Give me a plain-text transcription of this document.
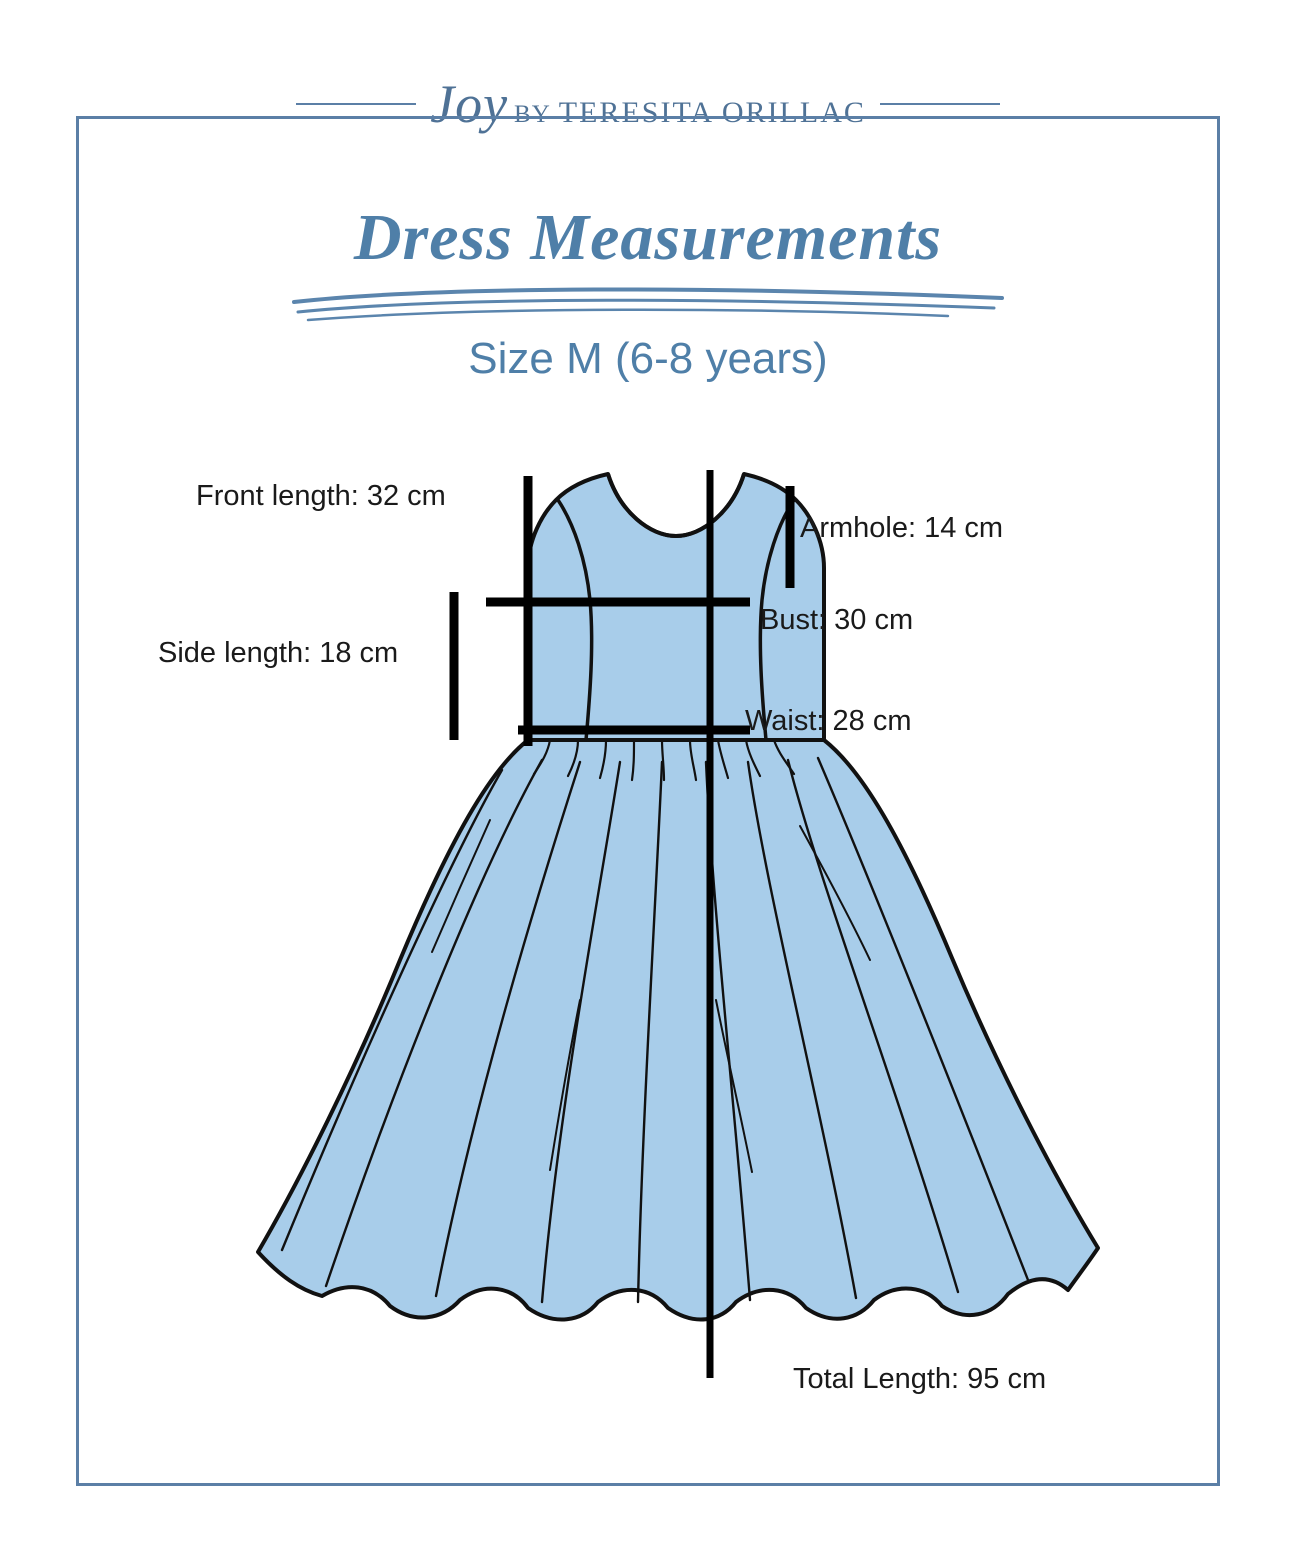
Joy BY TERESITA ORILLAC
Dress Measurements
Size M (6-8 years)
Front length: 32 cm
Armhole: 14 cm
Side length: 18 cm
Bust: 30 cm
Waist: 28 cm
Total Length: 95 cm
